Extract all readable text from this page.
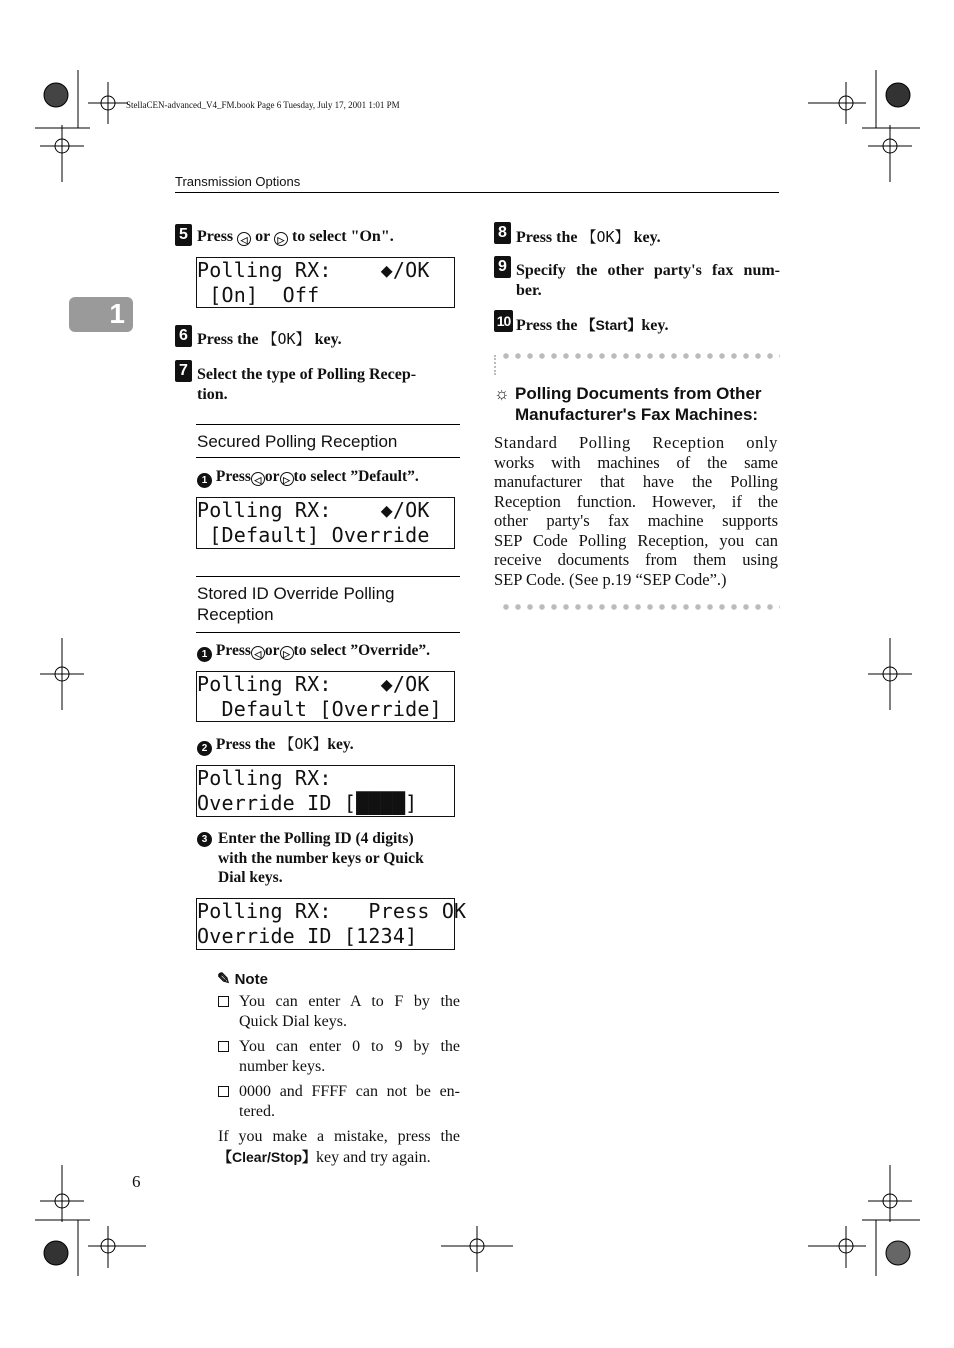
StellaCEN-advanced_V4_FM.book Page 6 Tuesday, July 17, 2001 1:01 PM
Transmission Options
1
5 Press ◁ or ▷ to select "On".
Polling RX:    ◆/OK
[On]  Off
6 Press the 【OK】 key.
7 Select the type of Polling Recep-
tion.
Secured Polling Reception
1 Press ◁ or ▷ to select ”Default”.
Polling RX:    ◆/OK
[Default] Override
Stored ID Override Polling
Reception
1 Press ◁ or ▷ to select ”Override”.
Polling RX:    ◆/OK
Default [Override]
2 Press the 【OK】key.
Polling RX:
Override ID [████]
3 Enter the Polling ID (4 digits)
with the number keys or Quick
Dial keys.
Polling RX:   Press OK
Override ID [1234]
✎ Note
You can enter A to F by the
Quick Dial keys.
You can enter 0 to 9 by the
number keys.
0000 and FFFF can not be en-
tered.
If you make a mistake, press the
【Clear/Stop】key and try again.
6
8 Press the 【OK】 key.
9 Specify the other party's fax num-
ber.
10 Press the 【Start】key.
☼ Polling Documents from Other
Manufacturer's Fax Machines:
Standard Polling Reception only
works with machines of the same
manufacturer that have the Polling
Reception function. However, if the
other party's fax machine supports
SEP Code Polling Reception, you can
receive documents from them using
SEP Code. (See p.19 “SEP Code”.)
